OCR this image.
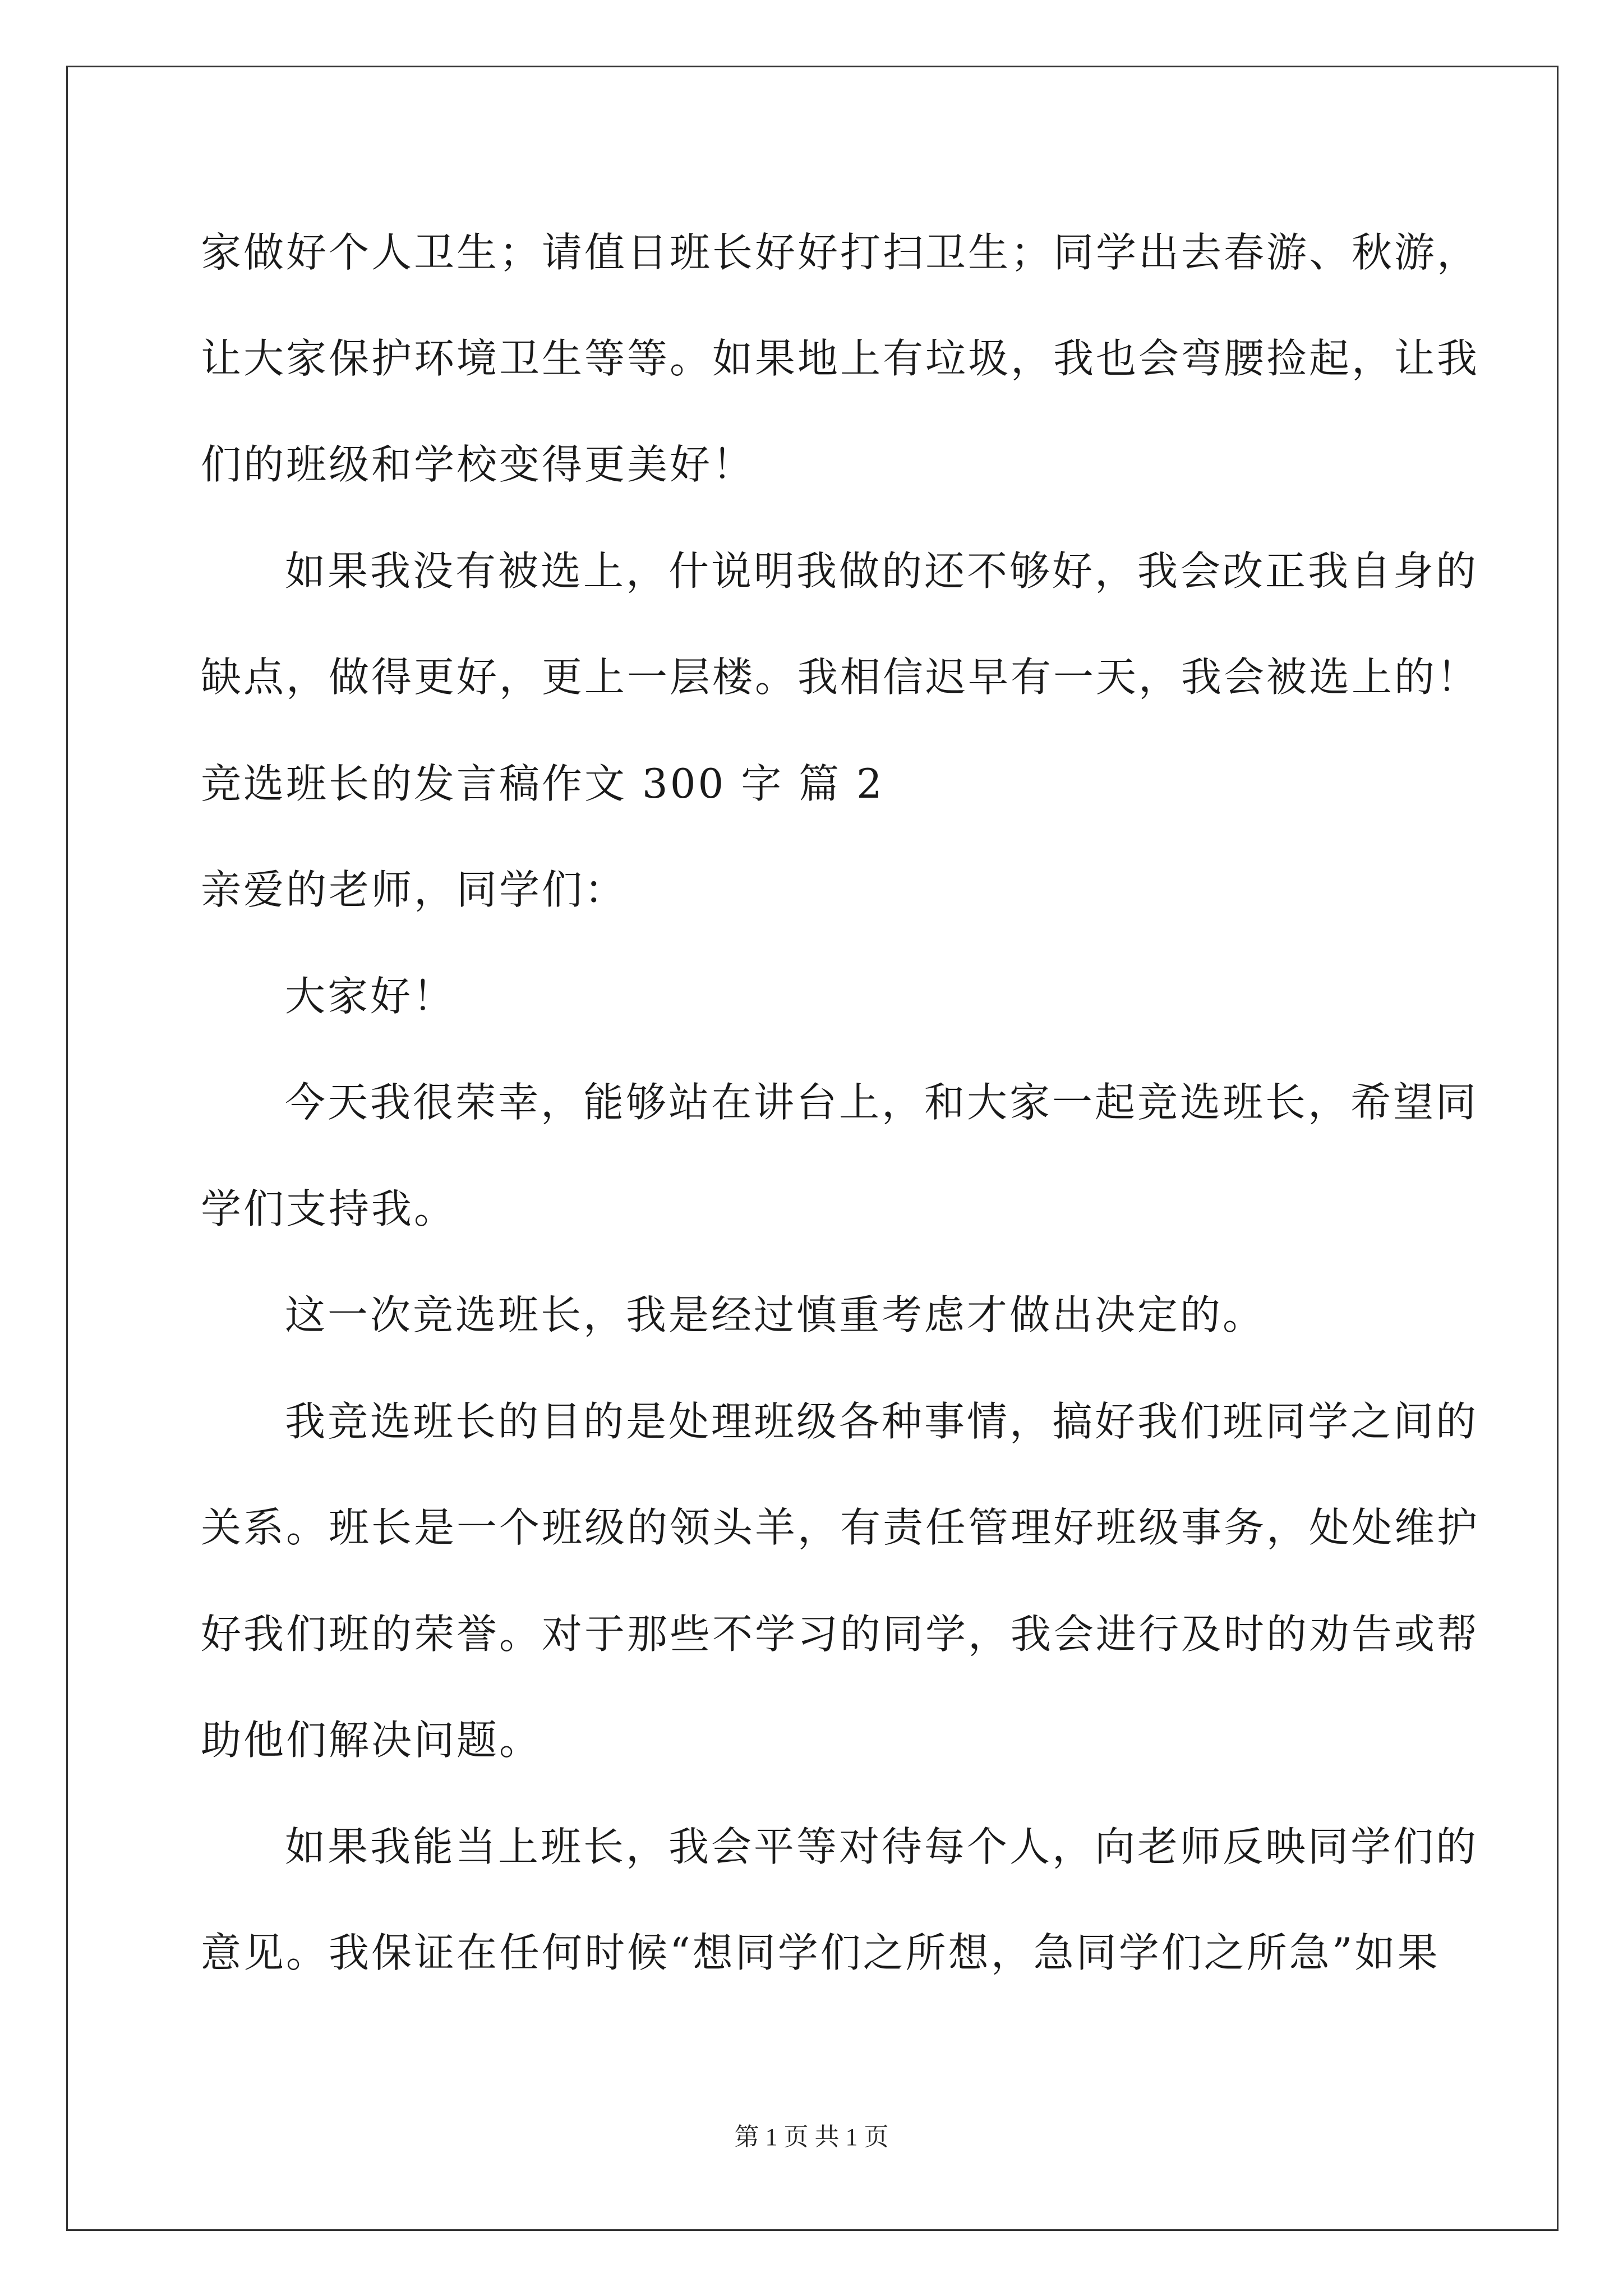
家做好个人卫生；请值日班长好好打扫卫生；同学出去春游、秋游，
让大家保护环境卫生等等。如果地上有垃圾，我也会弯腰捡起，让我
们的班级和学校变得更美好！
如果我没有被选上，什说明我做的还不够好，我会改正我自身的
缺点，做得更好，更上一层楼。我相信迟早有一天，我会被选上的！
竞选班长的发言稿作文 300 字 篇 2
亲爱的老师，同学们：
大家好！
今天我很荣幸，能够站在讲台上，和大家一起竞选班长，希望同
学们支持我。
这一次竞选班长，我是经过慎重考虑才做出决定的。
我竞选班长的目的是处理班级各种事情，搞好我们班同学之间的
关系。班长是一个班级的领头羊，有责任管理好班级事务，处处维护
好我们班的荣誉。对于那些不学习的同学，我会进行及时的劝告或帮
助他们解决问题。
如果我能当上班长，我会平等对待每个人，向老师反映同学们的
意见。我保证在任何时候“想同学们之所想，急同学们之所急”如果
第 1 页 共 1 页
